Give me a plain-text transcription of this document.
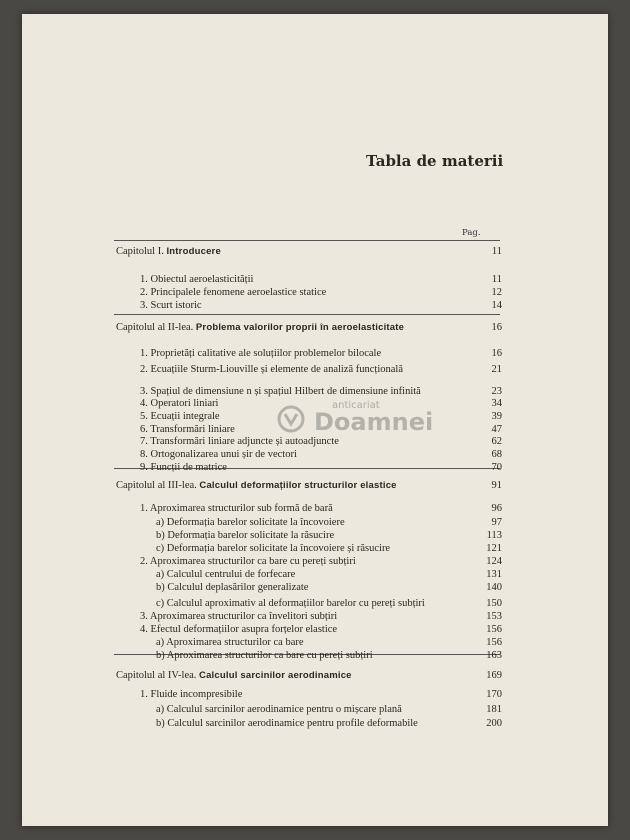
Tabla de materii
Pag.
Capitolul I. Introducere	11
1. Obiectul aeroelasticității	11
2. Principalele fenomene aeroelastice statice	12
3. Scurt istoric	14
Capitolul al II-lea. Problema valorilor proprii în aeroelasticitate	16
1. Proprietăți calitative ale soluțiilor problemelor bilocale	16
2. Ecuațiile Sturm-Liouville și elemente de analiză funcțională	21
3. Spațiul de dimensiune n și spațiul Hilbert de dimensiune infinită	23
4. Operatori liniari	34
5. Ecuații integrale	39
6. Transformări liniare	47
7. Transformări liniare adjuncte și autoadjuncte	62
8. Ortogonalizarea unui șir de vectori	68
9. Funcții de matrice	70
Capitolul al III-lea. Calculul deformațiilor structurilor elastice	91
1. Aproximarea structurilor sub formă de bară	96
a) Deformația barelor solicitate la încovoiere	97
b) Deformația barelor solicitate la răsucire	113
c) Deformația barelor solicitate la încovoiere și răsucire	121
2. Aproximarea structurilor ca bare cu pereți subțiri	124
a) Calculul centrului de forfecare	131
b) Calculul deplasărilor generalizate	140
c) Calculul aproximativ al deformațiilor barelor cu pereți subțiri	150
3. Aproximarea structurilor ca învelitori subțiri	153
4. Efectul deformațiilor asupra forțelor elastice	156
a) Aproximarea structurilor ca bare	156
b) Aproximarea structurilor ca bare cu pereți subțiri	163
Capitolul al IV-lea. Calculul sarcinilor aerodinamice	169
1. Fluide incompresibile	170
a) Calculul sarcinilor aerodinamice pentru o mișcare plană	181
b) Calculul sarcinilor aerodinamice pentru profile deformabile	200
anticariat
Doamnei
